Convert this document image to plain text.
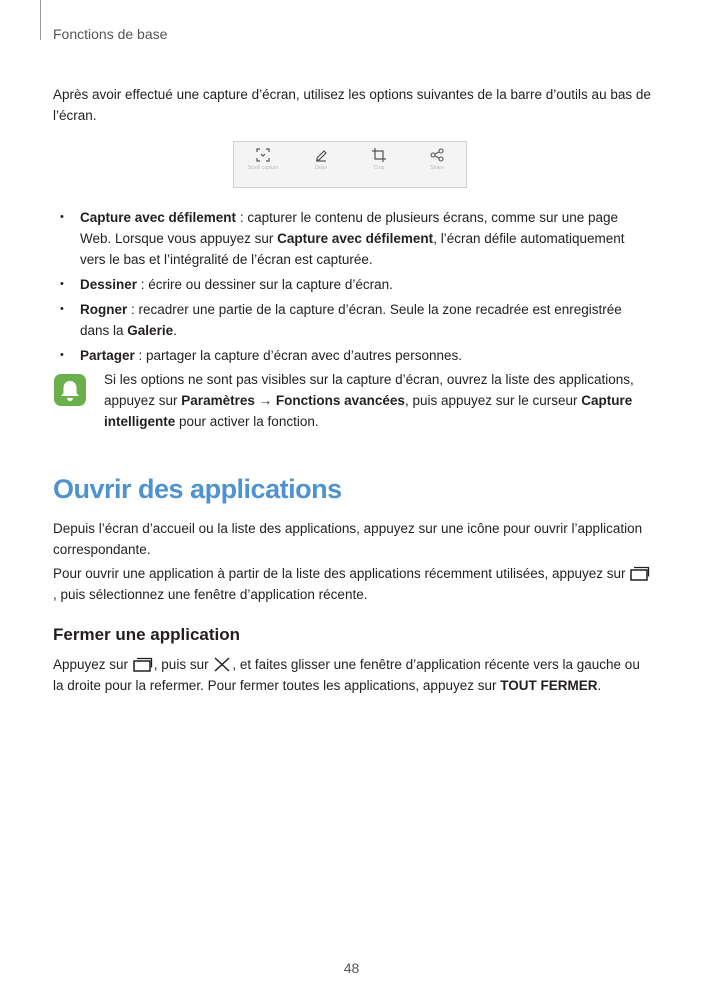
Fonctions de base

Après avoir effectué une capture d’écran, utilisez les options suivantes de la barre d’outils au bas de l’écran.

Scroll capture	Draw	Crop	Share
• Capture avec défilement : capturer le contenu de plusieurs écrans, comme sur une page Web. Lorsque vous appuyez sur Capture avec défilement, l’écran défile automatiquement vers le bas et l’intégralité de l’écran est capturée.
• Dessiner : écrire ou dessiner sur la capture d’écran.
• Rogner : recadrer une partie de la capture d’écran. Seule la zone recadrée est enregistrée dans la Galerie.
• Partager : partager la capture d’écran avec d’autres personnes.

Si les options ne sont pas visibles sur la capture d’écran, ouvrez la liste des applications, appuyez sur Paramètres → Fonctions avancées, puis appuyez sur le curseur Capture intelligente pour activer la fonction.

Ouvrir des applications

Depuis l’écran d’accueil ou la liste des applications, appuyez sur une icône pour ouvrir l’application correspondante.

Pour ouvrir une application à partir de la liste des applications récemment utilisées, appuyez sur , puis sélectionnez une fenêtre d’application récente.

Fermer une application

Appuyez sur , puis sur , et faites glisser une fenêtre d’application récente vers la gauche ou la droite pour la refermer. Pour fermer toutes les applications, appuyez sur TOUT FERMER.

48
